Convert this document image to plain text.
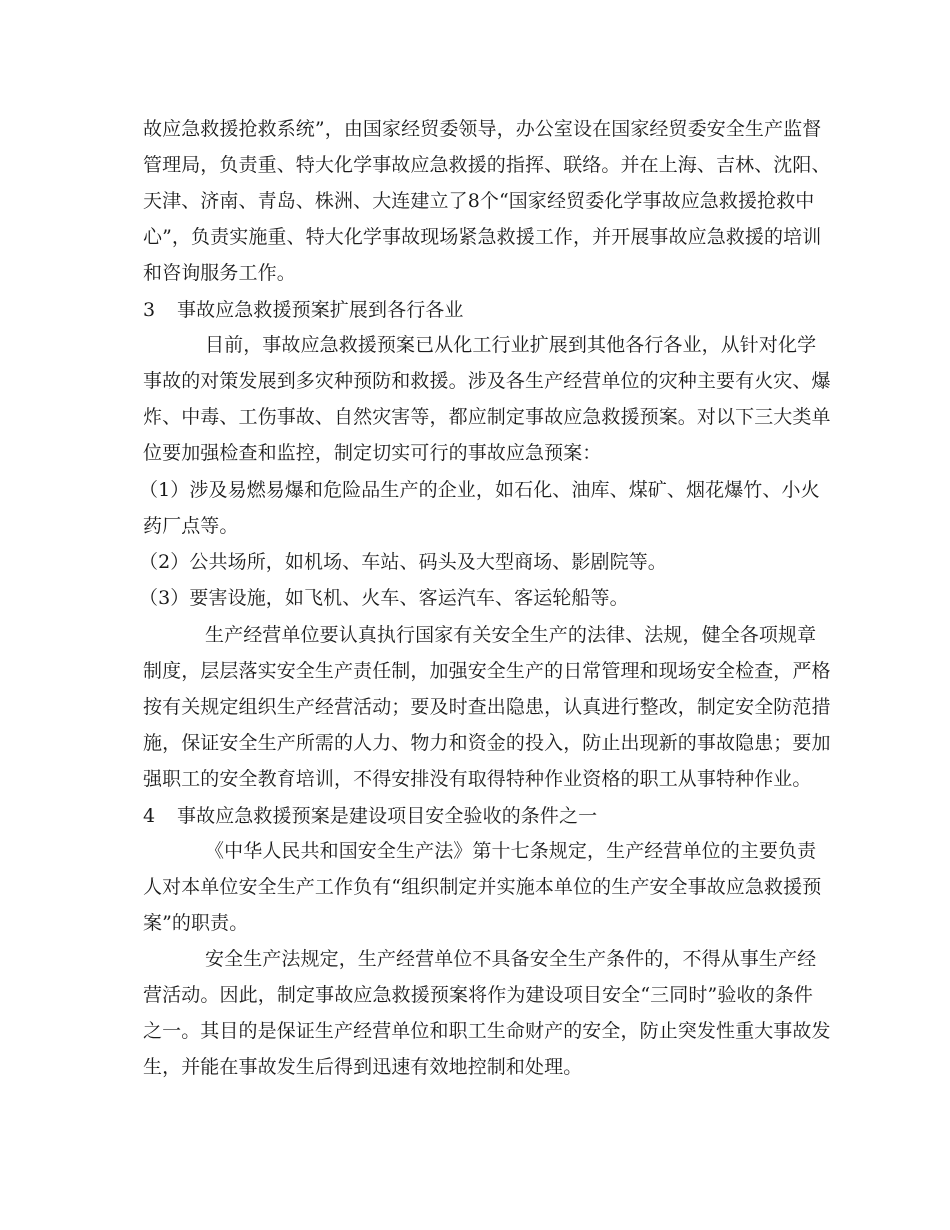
故应急救援抢救系统”，由国家经贸委领导，办公室设在国家经贸委安全生产监督
管理局，负责重、特大化学事故应急救援的指挥、联络。并在上海、吉林、沈阳、
天津、济南、青岛、株洲、大连建立了8个“国家经贸委化学事故应急救援抢救中
心”，负责实施重、特大化学事故现场紧急救援工作，并开展事故应急救援的培训
和咨询服务工作。
3 事故应急救援预案扩展到各行各业
目前，事故应急救援预案已从化工行业扩展到其他各行各业，从针对化学
事故的对策发展到多灾种预防和救援。涉及各生产经营单位的灾种主要有火灾、爆
炸、中毒、工伤事故、自然灾害等，都应制定事故应急救援预案。对以下三大类单
位要加强检查和监控，制定切实可行的事故应急预案：
（1）涉及易燃易爆和危险品生产的企业，如石化、油库、煤矿、烟花爆竹、小火
药厂点等。
（2）公共场所，如机场、车站、码头及大型商场、影剧院等。
（3）要害设施，如飞机、火车、客运汽车、客运轮船等。
生产经营单位要认真执行国家有关安全生产的法律、法规，健全各项规章
制度，层层落实安全生产责任制，加强安全生产的日常管理和现场安全检查，严格
按有关规定组织生产经营活动；要及时查出隐患，认真进行整改，制定安全防范措
施，保证安全生产所需的人力、物力和资金的投入，防止出现新的事故隐患；要加
强职工的安全教育培训，不得安排没有取得特种作业资格的职工从事特种作业。
4 事故应急救援预案是建设项目安全验收的条件之一
《中华人民共和国安全生产法》第十七条规定，生产经营单位的主要负责
人对本单位安全生产工作负有“组织制定并实施本单位的生产安全事故应急救援预
案”的职责。
安全生产法规定，生产经营单位不具备安全生产条件的，不得从事生产经
营活动。因此，制定事故应急救援预案将作为建设项目安全“三同时”验收的条件
之一。其目的是保证生产经营单位和职工生命财产的安全，防止突发性重大事故发
生，并能在事故发生后得到迅速有效地控制和处理。
